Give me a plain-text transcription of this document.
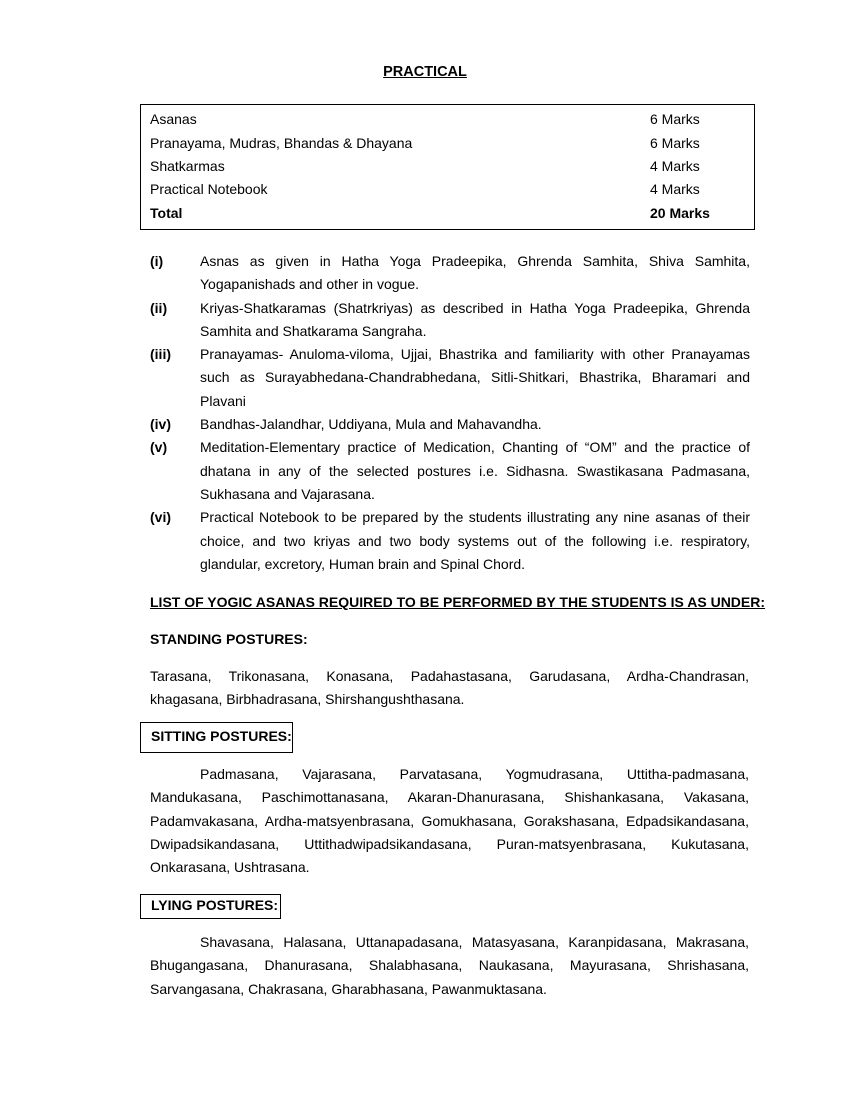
PRACTICAL
Asanas	6 Marks
Pranayama, Mudras, Bhandas & Dhayana	6 Marks
Shatkarmas	4 Marks
Practical Notebook	4 Marks
Total	20 Marks
(i)	Asnas as given in Hatha Yoga Pradeepika, Ghrenda Samhita, Shiva Samhita, Yogapanishads and other in vogue.
(ii) Kriyas-Shatkaramas (Shatrkriyas) as described in Hatha Yoga Pradeepika, Ghrenda Samhita and Shatkarama Sangraha.
(iii) Pranayamas- Anuloma-viloma, Ujjai, Bhastrika and familiarity with other Pranayamas such as Surayabhedana-Chandrabhedana, Sitli-Shitkari, Bhastrika, Bharamari and Plavani
(iv) Bandhas-Jalandhar, Uddiyana, Mula and Mahavandha.
(v) Meditation-Elementary practice of Medication, Chanting of “OM” and the practice of dhatana in any of the selected postures i.e. Sidhasna. Swastikasana Padmasana, Sukhasana and Vajarasana.
(vi) Practical Notebook to be prepared by the students illustrating any nine asanas of their choice, and two kriyas and two body systems out of the following i.e. respiratory, glandular, excretory, Human brain and Spinal Chord.
LIST OF YOGIC ASANAS REQUIRED TO BE PERFORMED BY THE STUDENTS IS AS UNDER:
STANDING POSTURES:
Tarasana, Trikonasana, Konasana, Padahastasana, Garudasana, Ardha-Chandrasan, khagasana, Birbhadrasana, Shirshangushthasana.
SITTING POSTURES:
Padmasana, Vajarasana, Parvatasana, Yogmudrasana, Uttitha-padmasana, Mandukasana, Paschimottanasana, Akaran-Dhanurasana, Shishankasana, Vakasana, Padamvakasana, Ardha-matsyenbrasana, Gomukhasana, Gorakshasana, Edpadsikandasana, Dwipadsikandasana, Uttithadwipadsikandasana, Puran-matsyenbrasana, Kukutasana, Onkarasana, Ushtrasana.
LYING POSTURES:
Shavasana, Halasana, Uttanapadasana, Matasyasana, Karanpidasana, Makrasana, Bhugangasana, Dhanurasana, Shalabhasana, Naukasana, Mayurasana, Shrishasana, Sarvangasana, Chakrasana, Gharabhasana, Pawanmuktasana.
